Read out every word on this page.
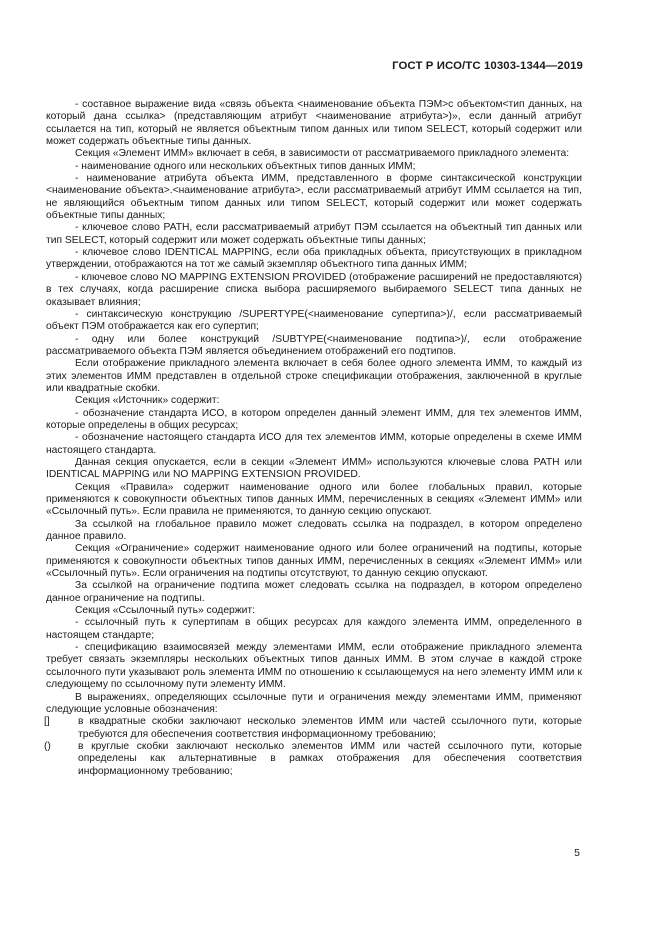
ГОСТ Р ИСО/ТС 10303-1344—2019

- составное выражение вида «связь объекта <наименование объекта ПЭМ>с объектом<тип данных, на который дана ссылка> (представляющим атрибут <наименование атрибута>)», если данный атрибут ссылается на тип, который не является объектным типом данных или типом SELECT, который содержит или может содержать объектные типы данных.

Секция «Элемент ИММ» включает в себя, в зависимости от рассматриваемого прикладного элемента:

- наименование одного или нескольких объектных типов данных ИММ;

- наименование атрибута объекта ИММ, представленного в форме синтаксической конструкции <наименование объекта>.<наименование атрибута>, если рассматриваемый атрибут ИММ ссылается на тип, не являющийся объектным типом данных или типом SELECT, который содержит или может содержать объектные типы данных;

- ключевое слово PATH, если рассматриваемый атрибут ПЭМ ссылается на объектный тип данных или тип SELECT, который содержит или может содержать объектные типы данных;

- ключевое слово IDENTICAL MAPPING, если оба прикладных объекта, присутствующих в прикладном утверждении, отображаются на тот же самый экземпляр объектного типа данных ИММ;

- ключевое слово NO MAPPING EXTENSION PROVIDED (отображение расширений не предоставляются) в тех случаях, когда расширение списка выбора расширяемого выбираемого SELECT типа данных не оказывает влияния;

- синтаксическую конструкцию /SUPERTYPE(<наименование супертипа>)/, если рассматриваемый объект ПЭМ отображается как его супертип;

- одну или более конструкций /SUBTYPE(<наименование подтипа>)/, если отображение рассматриваемого объекта ПЭМ является объединением отображений его подтипов.

Если отображение прикладного элемента включает в себя более одного элемента ИММ, то каждый из этих элементов ИММ представлен в отдельной строке спецификации отображения, заключенной в круглые или квадратные скобки.

Секция «Источник» содержит:

- обозначение стандарта ИСО, в котором определен данный элемент ИММ, для тех элементов ИММ, которые определены в общих ресурсах;

- обозначение настоящего стандарта ИСО для тех элементов ИММ, которые определены в схеме ИММ настоящего стандарта.

Данная секция опускается, если в секции «Элемент ИММ» используются ключевые слова PATH или IDENTICAL MAPPING или NO MAPPING EXTENSION PROVIDED.

Секция «Правила» содержит наименование одного или более глобальных правил, которые применяются к совокупности объектных типов данных ИММ, перечисленных в секциях «Элемент ИММ» или «Ссылочный путь». Если правила не применяются, то данную секцию опускают.

За ссылкой на глобальное правило может следовать ссылка на подраздел, в котором определено данное правило.

Секция «Ограничение» содержит наименование одного или более ограничений на подтипы, которые применяются к совокупности объектных типов данных ИММ, перечисленных в секциях «Элемент ИММ» или «Ссылочный путь». Если ограничения на подтипы отсутствуют, то данную секцию опускают.

За ссылкой на ограничение подтипа может следовать ссылка на подраздел, в котором определено данное ограничение на подтипы.

Секция «Ссылочный путь» содержит:

- ссылочный путь к супертипам в общих ресурсах для каждого элемента ИММ, определенного в настоящем стандарте;

- спецификацию взаимосвязей между элементами ИММ, если отображение прикладного элемента требует связать экземпляры нескольких объектных типов данных ИММ. В этом случае в каждой строке ссылочного пути указывают роль элемента ИММ по отношению к ссылающемуся на него элементу ИММ или к следующему по ссылочному пути элементу ИММ.

В выражениях, определяющих ссылочные пути и ограничения между элементами ИММ, применяют следующие условные обозначения:

[]	в квадратные скобки заключают несколько элементов ИММ или частей ссылочного пути, которые требуются для обеспечения соответствия информационному требованию;

()	в круглые скобки заключают несколько элементов ИММ или частей ссылочного пути, которые определены как альтернативные в рамках отображения для обеспечения соответствия информационному требованию;

5
